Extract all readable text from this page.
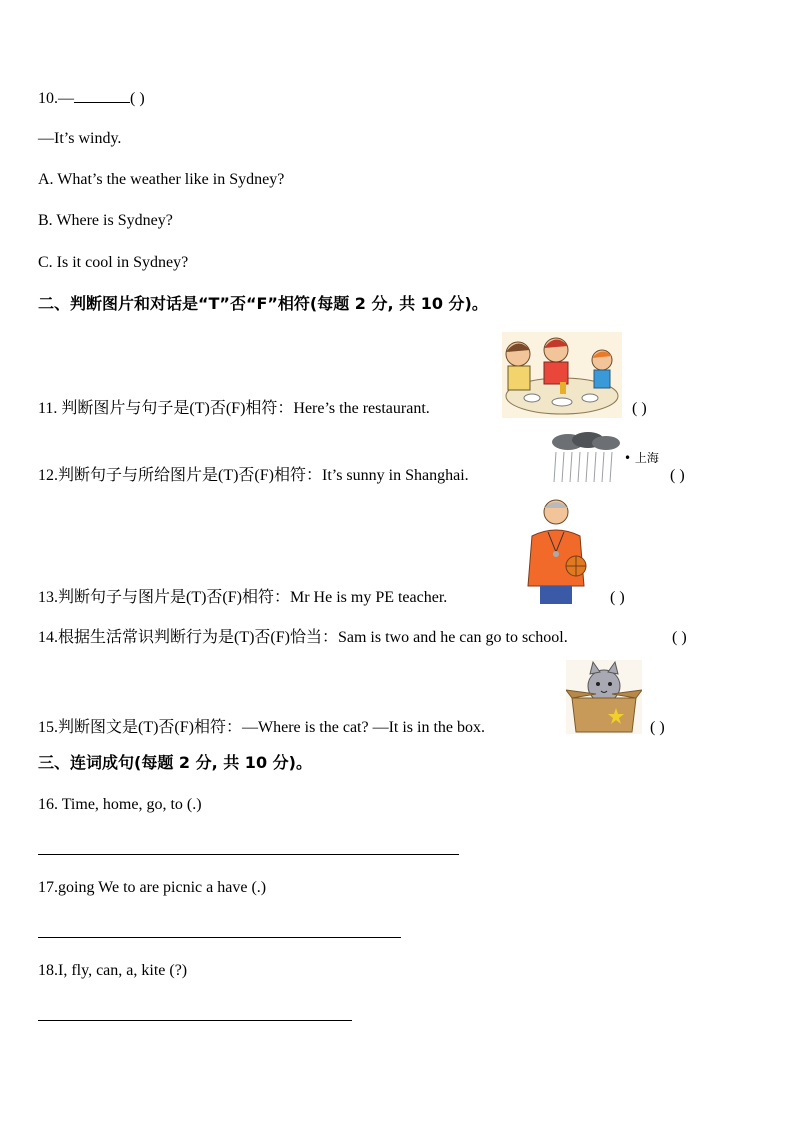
10.—	( )
—It’s windy.
A. What’s the weather like in Sydney?
B. Where is Sydney?
C. Is it cool in Sydney?
二、判断图片和对话是“T”否“F”相符(每题 2 分, 共 10 分)。
11. 判断图片与句子是(T)否(F)相符：Here’s the restaurant.	( )
• 上海
12.判断句子与所给图片是(T)否(F)相符：It’s sunny in Shanghai.	( )
13.判断句子与图片是(T)否(F)相符：Mr He is my PE teacher.	( )
14.根据生活常识判断行为是(T)否(F)恰当：Sam is two and he can go to school.	( )
15.判断图文是(T)否(F)相符：—Where is the cat? —It is in the box.	( )
三、连词成句(每题 2 分, 共 10 分)。
16. Time, home, go, to (.)
17.going We to are picnic a have (.)
18.I, fly, can, a, kite (?)
